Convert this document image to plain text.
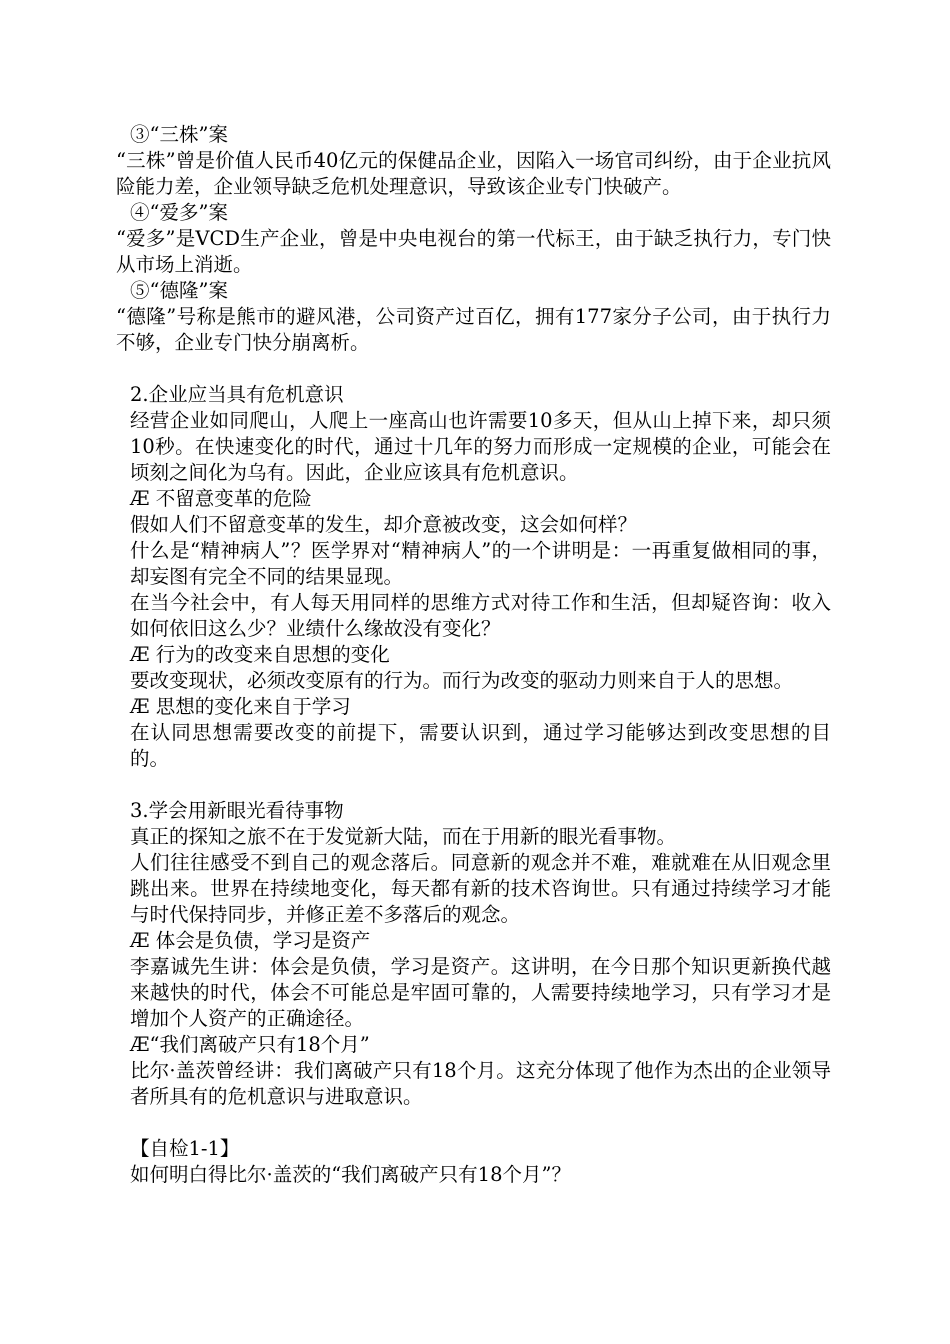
③“三株”案

“三株”曾是价值人民币40亿元的保健品企业，因陷入一场官司纠纷，由于企业抗风险能力差，企业领导缺乏危机处理意识，导致该企业专门快破产。

④“爱多”案

“爱多”是VCD生产企业，曾是中央电视台的第一代标王，由于缺乏执行力，专门快从市场上消逝。

⑤“德隆”案

“德隆”号称是熊市的避风港，公司资产过百亿，拥有177家分子公司，由于执行力不够，企业专门快分崩离析。

2.企业应当具有危机意识

经营企业如同爬山，人爬上一座高山也许需要10多天，但从山上掉下来，却只须10秒。在快速变化的时代，通过十几年的努力而形成一定规模的企业，可能会在顷刻之间化为乌有。因此，企业应该具有危机意识。

Æ 不留意变革的危险

假如人们不留意变革的发生，却介意被改变，这会如何样？

什么是“精神病人”？医学界对“精神病人”的一个讲明是：一再重复做相同的事，却妄图有完全不同的结果显现。

在当今社会中，有人每天用同样的思维方式对待工作和生活，但却疑咨询：收入如何依旧这么少？业绩什么缘故没有变化？

Æ 行为的改变来自思想的变化

要改变现状，必须改变原有的行为。而行为改变的驱动力则来自于人的思想。

Æ 思想的变化来自于学习

在认同思想需要改变的前提下，需要认识到，通过学习能够达到改变思想的目的。

3.学会用新眼光看待事物

真正的探知之旅不在于发觉新大陆，而在于用新的眼光看事物。

人们往往感受不到自己的观念落后。同意新的观念并不难，难就难在从旧观念里跳出来。世界在持续地变化，每天都有新的技术咨询世。只有通过持续学习才能与时代保持同步，并修正差不多落后的观念。

Æ 体会是负债，学习是资产

李嘉诚先生讲：体会是负债，学习是资产。这讲明，在今日那个知识更新换代越来越快的时代，体会不可能总是牢固可靠的，人需要持续地学习，只有学习才是增加个人资产的正确途径。

Æ“我们离破产只有18个月”

比尔·盖茨曾经讲：我们离破产只有18个月。这充分体现了他作为杰出的企业领导者所具有的危机意识与进取意识。

【自检1-1】

如何明白得比尔·盖茨的“我们离破产只有18个月”？
